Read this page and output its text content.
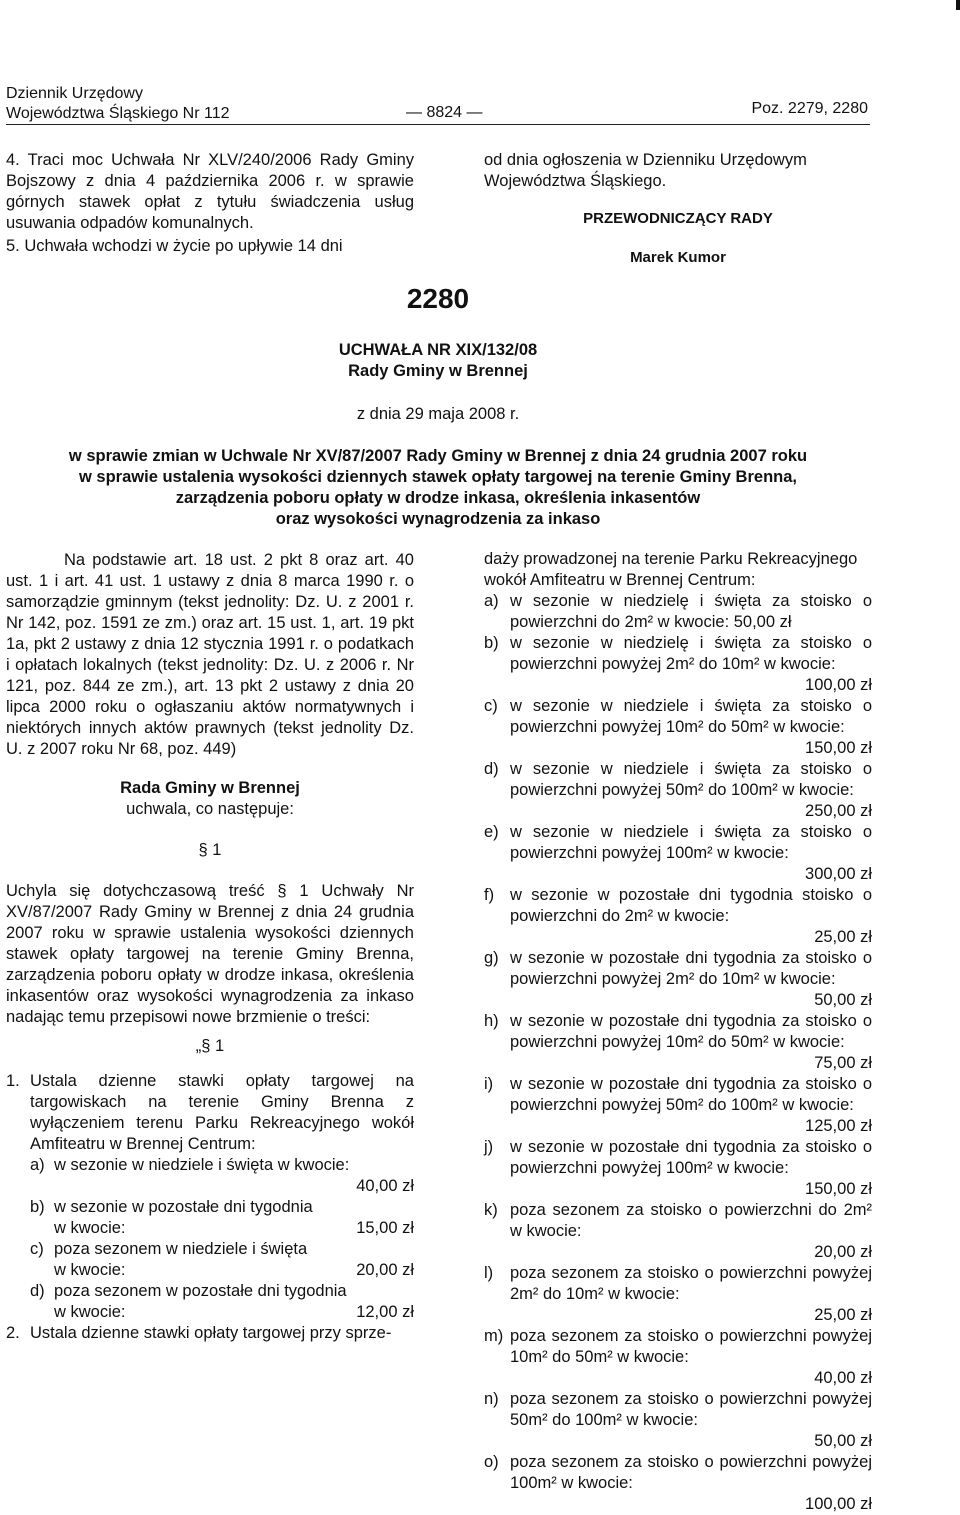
Dziennik Urzędowy
Województwa Śląskiego Nr 112	— 8824 —	Poz. 2279, 2280

4. Traci moc Uchwała Nr XLV/240/2006 Rady Gminy Bojszowy z dnia 4 października 2006 r. w sprawie górnych stawek opłat z tytułu świadczenia usług usuwania odpadów komunalnych.

5. Uchwała wchodzi w życie po upływie 14 dni

od dnia ogłoszenia w Dzienniku Urzędowym Województwa Śląskiego.

PRZEWODNICZĄCY RADY
Marek Kumor
2280
UCHWAŁA NR XIX/132/08
Rady Gminy w Brennej
z dnia 29 maja 2008 r.
w sprawie zmian w Uchwale Nr XV/87/2007 Rady Gminy w Brennej z dnia 24 grudnia 2007 roku
w sprawie ustalenia wysokości dziennych stawek opłaty targowej na terenie Gminy Brenna,
zarządzenia poboru opłaty w drodze inkasa, określenia inkasentów
oraz wysokości wynagrodzenia za inkaso

Na podstawie art. 18 ust. 2 pkt 8 oraz art. 40 ust. 1 i art. 41 ust. 1 ustawy z dnia 8 marca 1990 r. o samorządzie gminnym (tekst jednolity: Dz. U. z 2001 r. Nr 142, poz. 1591 ze zm.) oraz art. 15 ust. 1, art. 19 pkt 1a, pkt 2 ustawy z dnia 12 stycznia 1991 r. o podatkach i opłatach lokalnych (tekst jednolity: Dz. U. z 2006 r. Nr 121, poz. 844 ze zm.), art. 13 pkt 2 ustawy z dnia 20 lipca 2000 roku o ogłaszaniu aktów normatywnych i niektórych innych aktów prawnych (tekst jednolity Dz. U. z 2007 roku Nr 68, poz. 449)

Rada Gminy w Brennej
uchwala, co następuje:
§ 1

Uchyla się dotychczasową treść § 1 Uchwały Nr XV/87/2007 Rady Gminy w Brennej z dnia 24 grudnia 2007 roku w sprawie ustalenia wysokości dziennych stawek opłaty targowej na terenie Gminy Brenna, zarządzenia poboru opłaty w drodze inkasa, określenia inkasentów oraz wysokości wynagrodzenia za inkaso nadając temu przepisowi nowe brzmienie o treści:

„§ 1
1. Ustala dzienne stawki opłaty targowej na targowiskach na terenie Gminy Brenna z wyłączeniem terenu Parku Rekreacyjnego wokół Amfiteatru w Brennej Centrum:
a) w sezonie w niedziele i święta w kwocie:
40,00 zł
b) w sezonie w pozostałe dni tygodnia
w kwocie:	15,00 zł
c) poza sezonem w niedziele i święta
w kwocie:	20,00 zł
d) poza sezonem w pozostałe dni tygodnia
w kwocie:	12,00 zł
2. Ustala dzienne stawki opłaty targowej przy sprze-

daży prowadzonej na terenie Parku Rekreacyjnego wokół Amfiteatru w Brennej Centrum:

a) w sezonie w niedzielę i święta za stoisko o powierzchni do 2m² w kwocie: 50,00 zł
b) w sezonie w niedzielę i święta za stoisko o powierzchni powyżej 2m² do 10m² w kwocie:
100,00 zł
c) w sezonie w niedziele i święta za stoisko o powierzchni powyżej 10m² do 50m² w kwocie:
150,00 zł
d) w sezonie w niedziele i święta za stoisko o powierzchni powyżej 50m² do 100m² w kwocie:
250,00 zł
e) w sezonie w niedziele i święta za stoisko o powierzchni powyżej 100m² w kwocie:
300,00 zł
f) w sezonie w pozostałe dni tygodnia stoisko o powierzchni do 2m² w kwocie:
25,00 zł
g) w sezonie w pozostałe dni tygodnia za stoisko o powierzchni powyżej 2m² do 10m² w kwocie:
50,00 zł
h) w sezonie w pozostałe dni tygodnia za stoisko o powierzchni powyżej 10m² do 50m² w kwocie:
75,00 zł
i)	w sezonie w pozostałe dni tygodnia za stoisko o powierzchni powyżej 50m² do 100m² w kwocie:
125,00 zł
j)	w sezonie w pozostałe dni tygodnia za stoisko o powierzchni powyżej 100m² w kwocie:
150,00 zł
k) poza sezonem za stoisko o powierzchni do 2m² w kwocie:
20,00 zł
l)	poza sezonem za stoisko o powierzchni powyżej 2m² do 10m² w kwocie:
25,00 zł
m) poza sezonem za stoisko o powierzchni powyżej 10m² do 50m² w kwocie:
40,00 zł
n) poza sezonem za stoisko o powierzchni powyżej 50m² do 100m² w kwocie:
50,00 zł
o) poza sezonem za stoisko o powierzchni powyżej 100m² w kwocie:
100,00 zł
